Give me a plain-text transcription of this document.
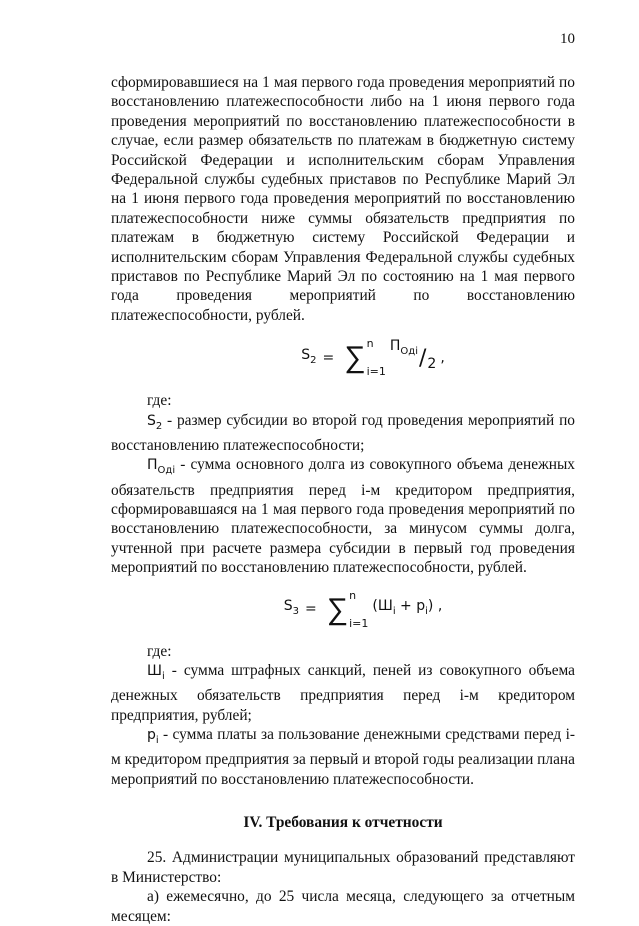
10

сформировавшиеся на 1 мая первого года проведения мероприятий по восстановлению платежеспособности либо на 1 июня первого года проведения мероприятий по восстановлению платежеспособности в случае, если размер обязательств по платежам в бюджетную систему Российской Федерации и исполнительским сборам Управления Федеральной службы судебных приставов по Республике Марий Эл на 1 июня первого года проведения мероприятий по восстановлению платежеспособности ниже суммы обязательств предприятия по платежам в бюджетную систему Российской Федерации и исполнительским сборам Управления Федеральной службы судебных приставов по Республике Марий Эл по состоянию на 1 мая первого года проведения мероприятий по восстановлению платежеспособности, рублей.

$S_2$ = ∑ n
i=1
$П_{Одi} / 2$ ,

где:

$S_2$ - размер субсидии во второй год проведения мероприятий по восстановлению платежеспособности;

$П_{Одi}$ - сумма основного долга из совокупного объема денежных обязательств предприятия перед i-м кредитором предприятия, сформировавшаяся на 1 мая первого года проведения мероприятий по восстановлению платежеспособности, за минусом суммы долга, учтенной при расчете размера субсидии в первый год проведения мероприятий по восстановлению платежеспособности, рублей.

$S_3$ = ∑ n
i=1
$(Ш_i + p_i)$ ,

где:

$Ш_i$ - сумма штрафных санкций, пеней из совокупного объема денежных обязательств предприятия перед i-м кредитором предприятия, рублей;

$p_i$ - сумма платы за пользование денежными средствами перед i-м кредитором предприятия за первый и второй годы реализации плана мероприятий по восстановлению платежеспособности.

IV. Требования к отчетности

25. Администрации муниципальных образований представляют в Министерство:

а) ежемесячно, до 25 числа месяца, следующего за отчетным месяцем:
